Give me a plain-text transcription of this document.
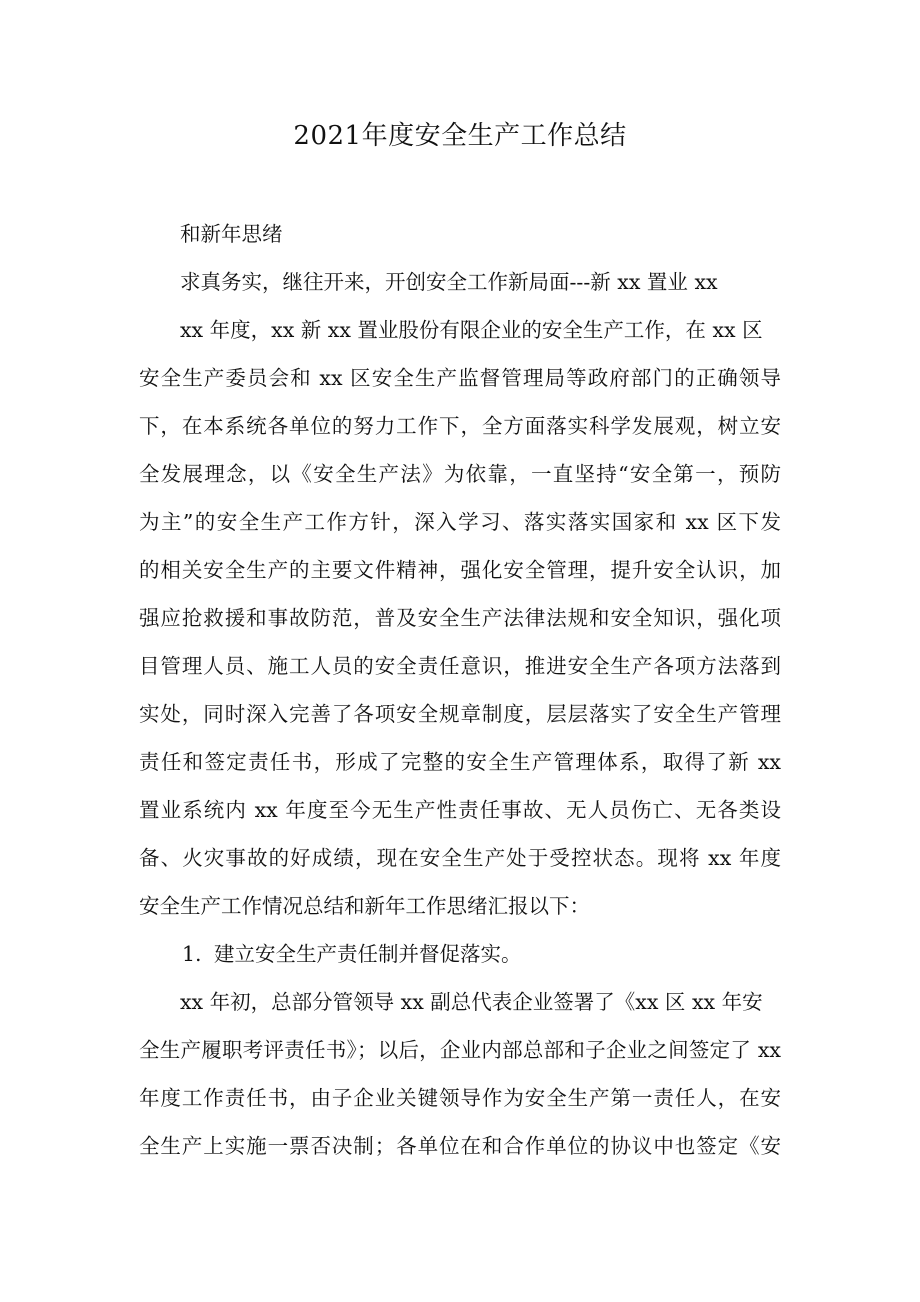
2021年度安全生产工作总结
和新年思绪
求真务实，继往开来，开创安全工作新局面---新 xx 置业 xx
xx 年度，xx 新 xx 置业股份有限企业的安全生产工作，在 xx 区
安全生产委员会和 xx 区安全生产监督管理局等政府部门的正确领导
下，在本系统各单位的努力工作下，全方面落实科学发展观，树立安
全发展理念，以《安全生产法》为依靠，一直坚持“安全第一，预防
为主”的安全生产工作方针，深入学习、落实落实国家和 xx 区下发
的相关安全生产的主要文件精神，强化安全管理，提升安全认识，加
强应抢救援和事故防范，普及安全生产法律法规和安全知识，强化项
目管理人员、施工人员的安全责任意识，推进安全生产各项方法落到
实处，同时深入完善了各项安全规章制度，层层落实了安全生产管理
责任和签定责任书，形成了完整的安全生产管理体系，取得了新 xx
置业系统内 xx 年度至今无生产性责任事故、无人员伤亡、无各类设
备、火灾事故的好成绩，现在安全生产处于受控状态。现将 xx 年度
安全生产工作情况总结和新年工作思绪汇报以下：
1. 建立安全生产责任制并督促落实。
xx 年初，总部分管领导 xx 副总代表企业签署了《xx 区 xx 年安
全生产履职考评责任书》；以后，企业内部总部和子企业之间签定了 xx
年度工作责任书，由子企业关键领导作为安全生产第一责任人，在安
全生产上实施一票否决制；各单位在和合作单位的协议中也签定《安
